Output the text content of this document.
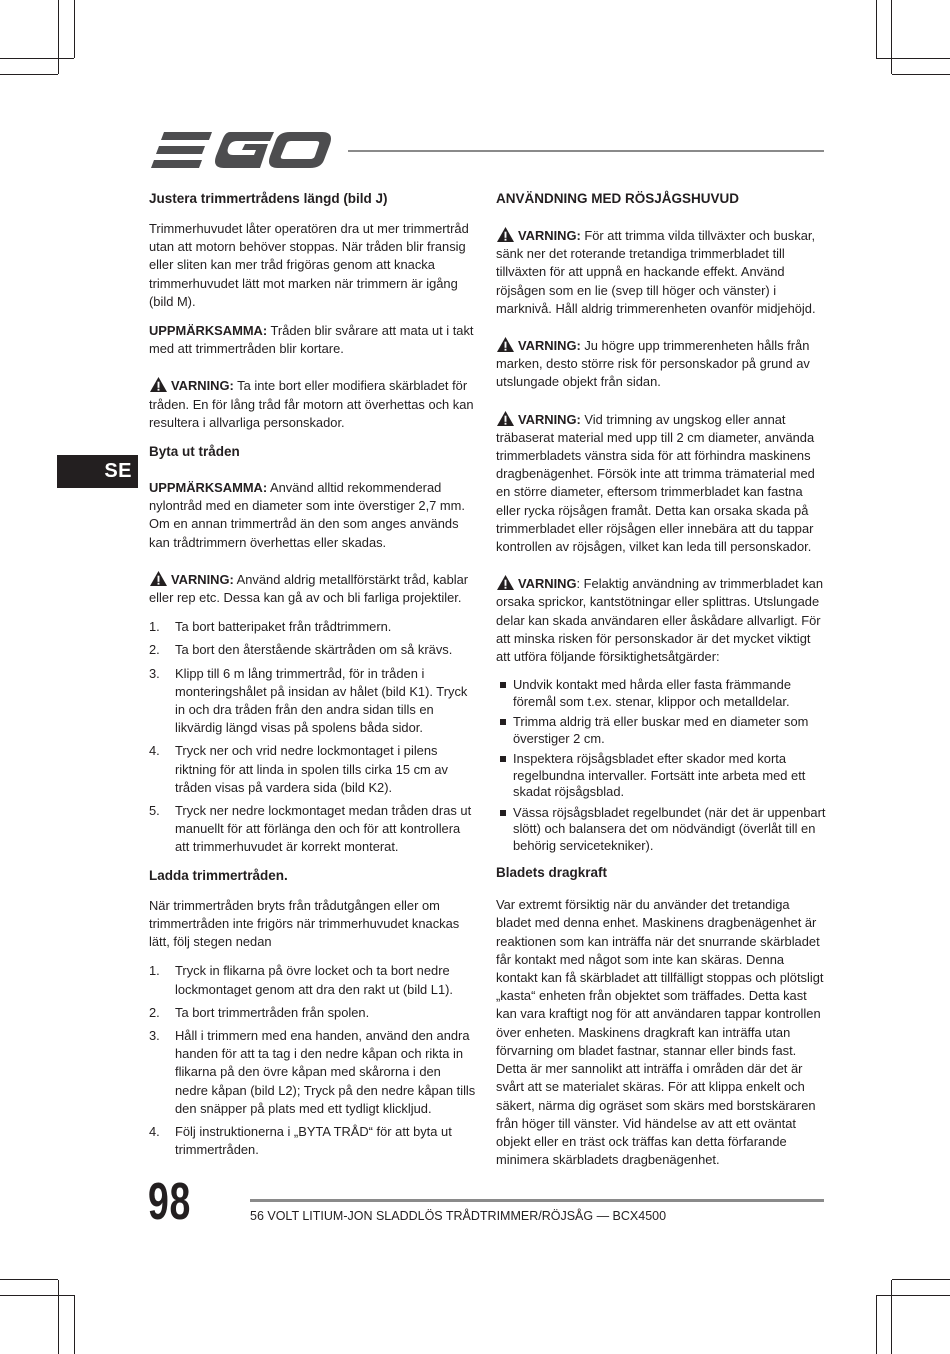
SE
Justera trimmertrådens längd (bild J)

Trimmerhuvudet låter operatören dra ut mer trimmertråd utan att motorn behöver stoppas. När tråden blir fransig eller sliten kan mer tråd frigöras genom att knacka trimmerhuvudet lätt mot marken när trimmern är igång (bild M).

UPPMÄRKSAMMA: Tråden blir svårare att mata ut i takt med att trimmertråden blir kortare.

VARNING: Ta inte bort eller modifiera skärbladet för tråden. En för lång tråd får motorn att överhettas och kan resultera i allvarliga personskador.

Byta ut tråden

UPPMÄRKSAMMA: Använd alltid rekommenderad nylontråd med en diameter som inte överstiger 2,7 mm. Om en annan trimmertråd än den som anges används kan trådtrimmern överhettas eller skadas.

VARNING: Använd aldrig metallförstärkt tråd, kablar eller rep etc. Dessa kan gå av och bli farliga projektiler.

1. Ta bort batteripaket från trådtrimmern.
2. Ta bort den återstående skärtråden om så krävs.
3. Klipp till 6 m lång trimmertråd, för in tråden i monteringshålet på insidan av hålet (bild K1). Tryck in och dra tråden från den andra sidan tills en likvärdig längd visas på spolens båda sidor.
4. Tryck ner och vrid nedre lockmontaget i pilens riktning för att linda in spolen tills cirka 15 cm av tråden visas på vardera sida (bild K2).
5. Tryck ner nedre lockmontaget medan tråden dras ut manuellt för att förlänga den och för att kontrollera att trimmerhuvudet är korrekt monterat.
Ladda trimmertråden.

När trimmertråden bryts från trådutgången eller om trimmertråden inte frigörs när trimmerhuvudet knackas lätt, följ stegen nedan

1. Tryck in flikarna på övre locket och ta bort nedre lockmontaget genom att dra den rakt ut (bild L1).
2. Ta bort trimmertråden från spolen.
3. Håll i trimmern med ena handen, använd den andra handen för att ta tag i den nedre kåpan och rikta in flikarna på den övre kåpan med skårorna i den nedre kåpan (bild L2); Tryck på den nedre kåpan tills den snäpper på plats med ett tydligt klickljud.
4. Följ instruktionerna i „BYTA TRÅD“ för att byta ut trimmertråden.
ANVÄNDNING MED RÖSJÅGSHUVUD

VARNING: För att trimma vilda tillväxter och buskar, sänk ner det roterande tretandiga trimmerbladet till tillväxten för att uppnå en hackande effekt. Använd röjsågen som en lie (svep till höger och vänster) i marknivå. Håll aldrig trimmerenheten ovanför midjehöjd.

VARNING: Ju högre upp trimmerenheten hålls från marken, desto större risk för personskador på grund av utslungade objekt från sidan.

VARNING: Vid trimning av ungskog eller annat träbaserat material med upp till 2 cm diameter, använda trimmerbladets vänstra sida för att förhindra maskinens dragbenägenhet. Försök inte att trimma trämaterial med en större diameter, eftersom trimmerbladet kan fastna eller rycka röjsågen framåt. Detta kan orsaka skada på trimmerbladet eller röjsågen eller innebära att du tappar kontrollen av röjsågen, vilket kan leda till personskador.

VARNING: Felaktig användning av trimmerbladet kan orsaka sprickor, kantstötningar eller splittras. Utslungade delar kan skada användaren eller åskådare allvarligt. För att minska risken för personskador är det mycket viktigt att utföra följande försiktighetsåtgärder:

Undvik kontakt med hårda eller fasta främmande föremål som t.ex. stenar, klippor och metalldelar.
Trimma aldrig trä eller buskar med en diameter som överstiger 2 cm.
Inspektera röjsågsbladet efter skador med korta regelbundna intervaller. Fortsätt inte arbeta med ett skadat röjsågsblad.
Vässa röjsågsbladet regelbundet (när det är uppenbart slött) och balansera det om nödvändigt (överlåt till en behörig servicetekniker).
Bladets dragkraft

Var extremt försiktig när du använder det tretandiga bladet med denna enhet. Maskinens dragbenägenhet är reaktionen som kan inträffa när det snurrande skärbladet får kontakt med något som inte kan skäras. Denna kontakt kan få skärbladet att tillfälligt stoppas och plötsligt „kasta“ enheten från objektet som träffades. Detta kast kan vara kraftigt nog för att användaren tappar kontrollen över enheten. Maskinens dragkraft kan inträffa utan förvarning om bladet fastnar, stannar eller binds fast. Detta är mer sannolikt att inträffa i områden där det är svårt att se materialet skäras. För att klippa enkelt och säkert, närma dig ogräset som skärs med borstskäraren från höger till vänster. Vid händelse av att ett oväntat objekt eller en träst ock träffas kan detta förfarande minimera skärbladets dragbenägenhet.

98	56 VOLT LITIUM-JON SLADDLÖS TRÅDTRIMMER/RÖJSÅG — BCX4500
